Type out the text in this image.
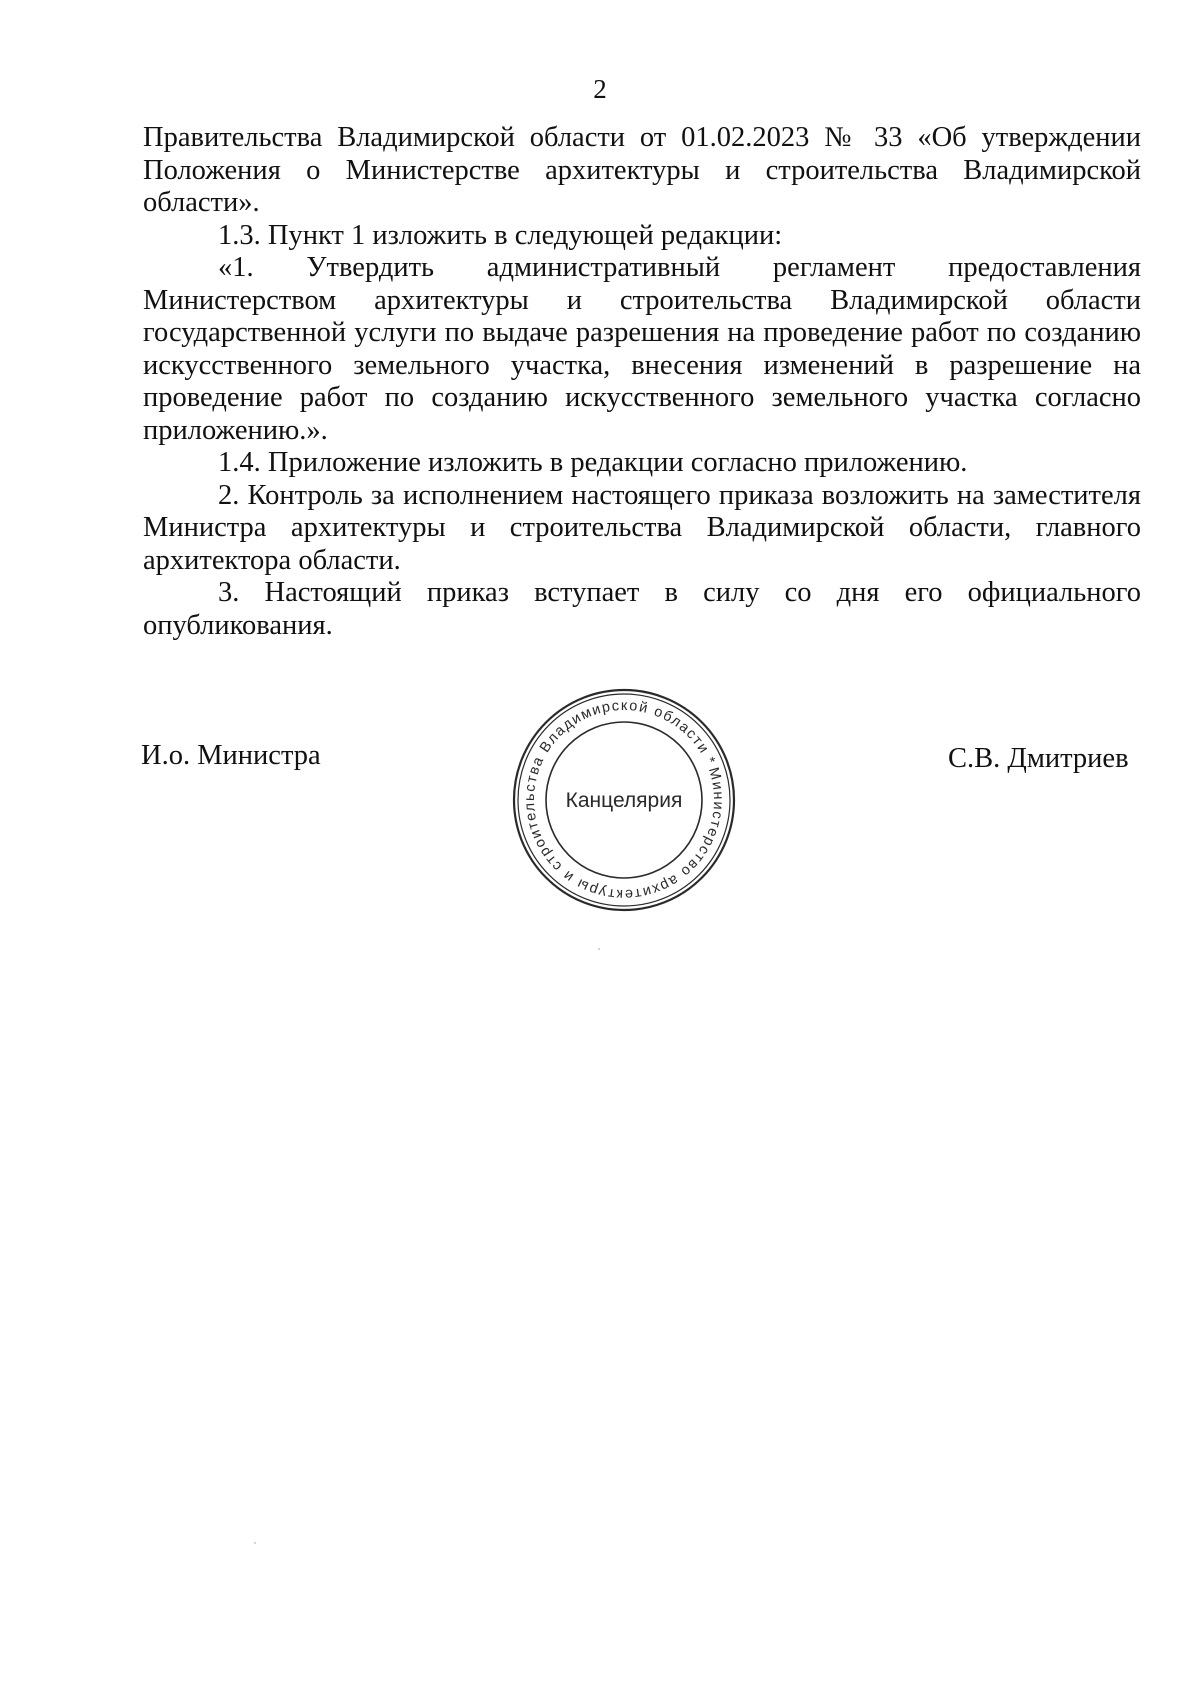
2

Правительства Владимирской области от 01.02.2023 № 33 «Об утверждении Положения о Министерстве архитектуры и строительства Владимирской области».

1.3. Пункт 1 изложить в следующей редакции:

«1. Утвердить административный регламент предоставления Министерством архитектуры и строительства Владимирской области государственной услуги по выдаче разрешения на проведение работ по созданию искусственного земельного участка, внесения изменений в разрешение на проведение работ по созданию искусственного земельного участка согласно приложению.».

1.4. Приложение изложить в редакции согласно приложению.

2. Контроль за исполнением настоящего приказа возложить на заместителя Министра архитектуры и строительства Владимирской области, главного архитектора области.

3. Настоящий приказ вступает в силу со дня его официального опубликования.

И.о. Министра	С.В. Дмитриев
Министерство архитектуры и строительства Владимирской области *
Канцелярия
